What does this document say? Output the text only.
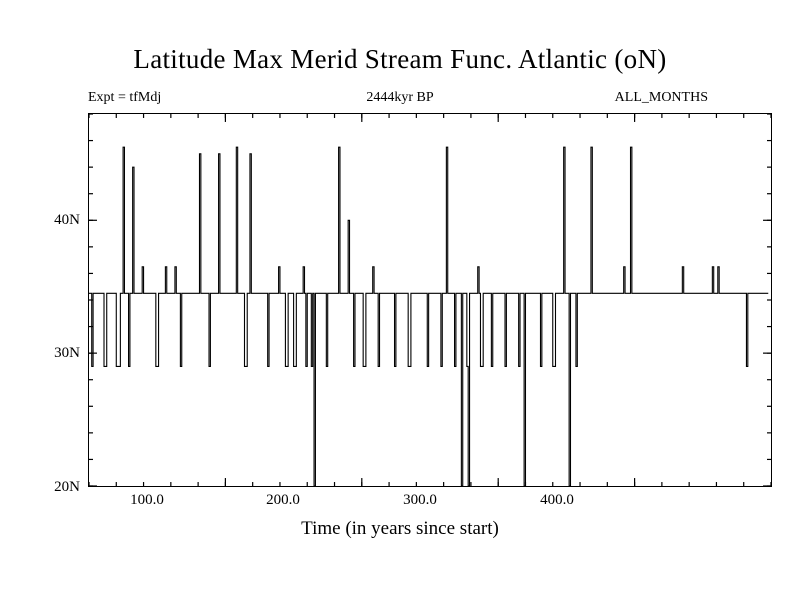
Latitude Max Merid Stream Func. Atlantic (oN)
Expt = tfMdj	2444kyr BP	ALL_MONTHS
20N
30N
40N
100.0	200.0	300.0	400.0
Time (in years since start)
